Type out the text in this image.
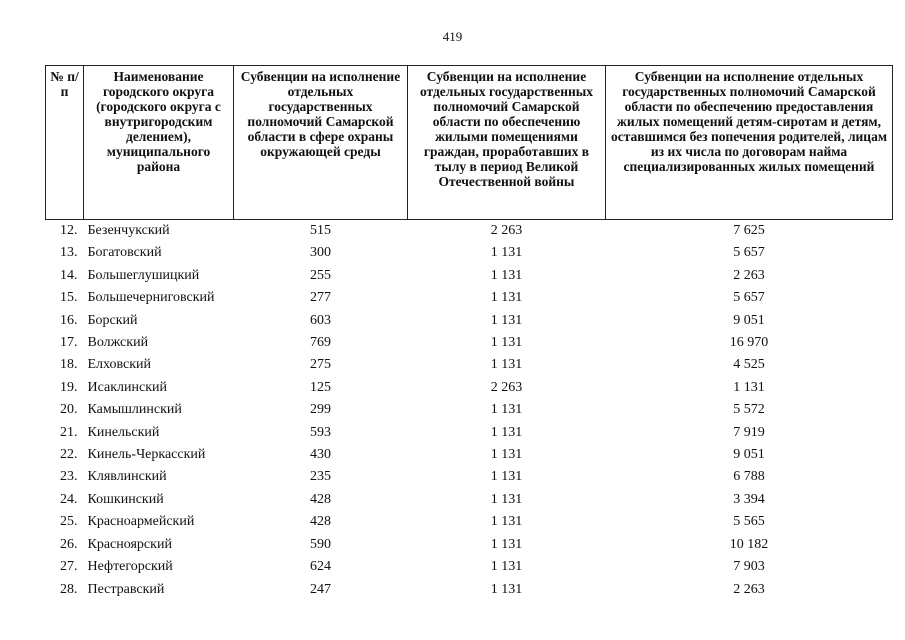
419
№ п/п	Наименование городского округа (городского округа с внутригородским делением), муниципального района	Субвенции на исполнение отдельных государственных полномочий Самарской области в сфере охраны окружающей среды	Субвенции на исполнение отдельных государственных полномочий Самарской области по обеспечению жилыми помещениями граждан, проработавших в тылу в период Великой Отечественной войны	Субвенции на исполнение отдельных государственных полномочий Самарской области по обеспечению предоставления жилых помещений детям-сиротам и детям, оставшимся без попечения родителей, лицам из их числа по договорам найма специализированных жилых помещений
12.	Безенчукский	515	2 263	7 625
13.	Богатовский	300	1 131	5 657
14.	Большеглушицкий	255	1 131	2 263
15.	Большечерниговский	277	1 131	5 657
16.	Борский	603	1 131	9 051
17.	Волжский	769	1 131	16 970
18.	Елховский	275	1 131	4 525
19.	Исаклинский	125	2 263	1 131
20.	Камышлинский	299	1 131	5 572
21.	Кинельский	593	1 131	7 919
22.	Кинель-Черкасский	430	1 131	9 051
23.	Клявлинский	235	1 131	6 788
24.	Кошкинский	428	1 131	3 394
25.	Красноармейский	428	1 131	5 565
26.	Красноярский	590	1 131	10 182
27.	Нефтегорский	624	1 131	7 903
28.	Пестравский	247	1 131	2 263
